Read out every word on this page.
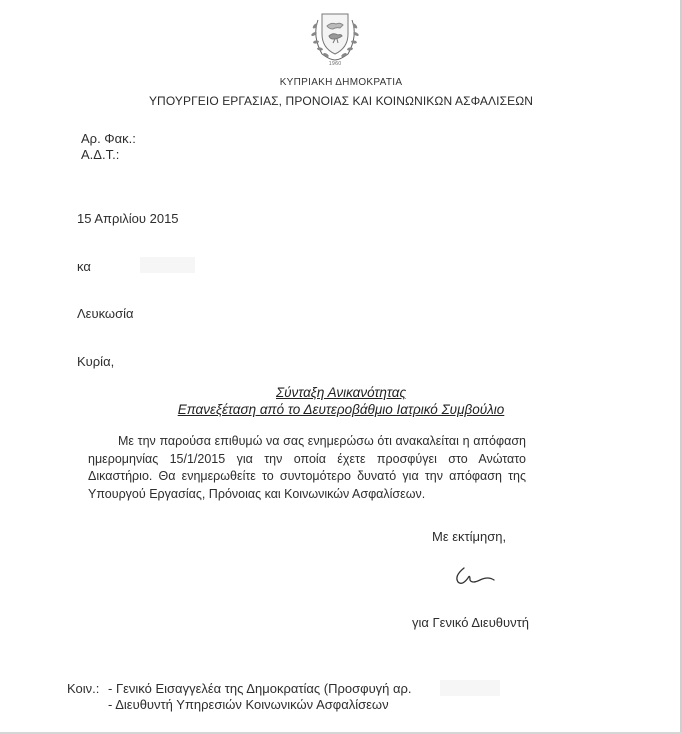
1960
ΚΥΠΡΙΑΚΗ ΔΗΜΟΚΡΑΤΙΑ
ΥΠΟΥΡΓΕΙΟ ΕΡΓΑΣΙΑΣ, ΠΡΟΝΟΙΑΣ ΚΑΙ ΚΟΙΝΩΝΙΚΩΝ ΑΣΦΑΛΙΣΕΩΝ
Αρ. Φακ.:
Α.Δ.Τ.:
15 Απριλίου 2015
κα
Λευκωσία
Κυρία,
Σύνταξη Ανικανότητας
Επανεξέταση από το Δευτεροβάθμιο Ιατρικό Συμβούλιο

Με την παρούσα επιθυμώ να σας ενημερώσω ότι ανακαλείται η απόφαση ημερομηνίας 15/1/2015 για την οποία έχετε προσφύγει στο Ανώτατο Δικαστήριο. Θα ενημερωθείτε το συντομότερο δυνατό για την απόφαση της Υπουργού Εργασίας, Πρόνοιας και Κοινωνικών Ασφαλίσεων.

Με εκτίμηση,
για Γενικό Διευθυντή
Κοιν.: - Γενικό Εισαγγελέα της Δημοκρατίας (Προσφυγή αρ.
- Διευθυντή Υπηρεσιών Κοινωνικών Ασφαλίσεων
